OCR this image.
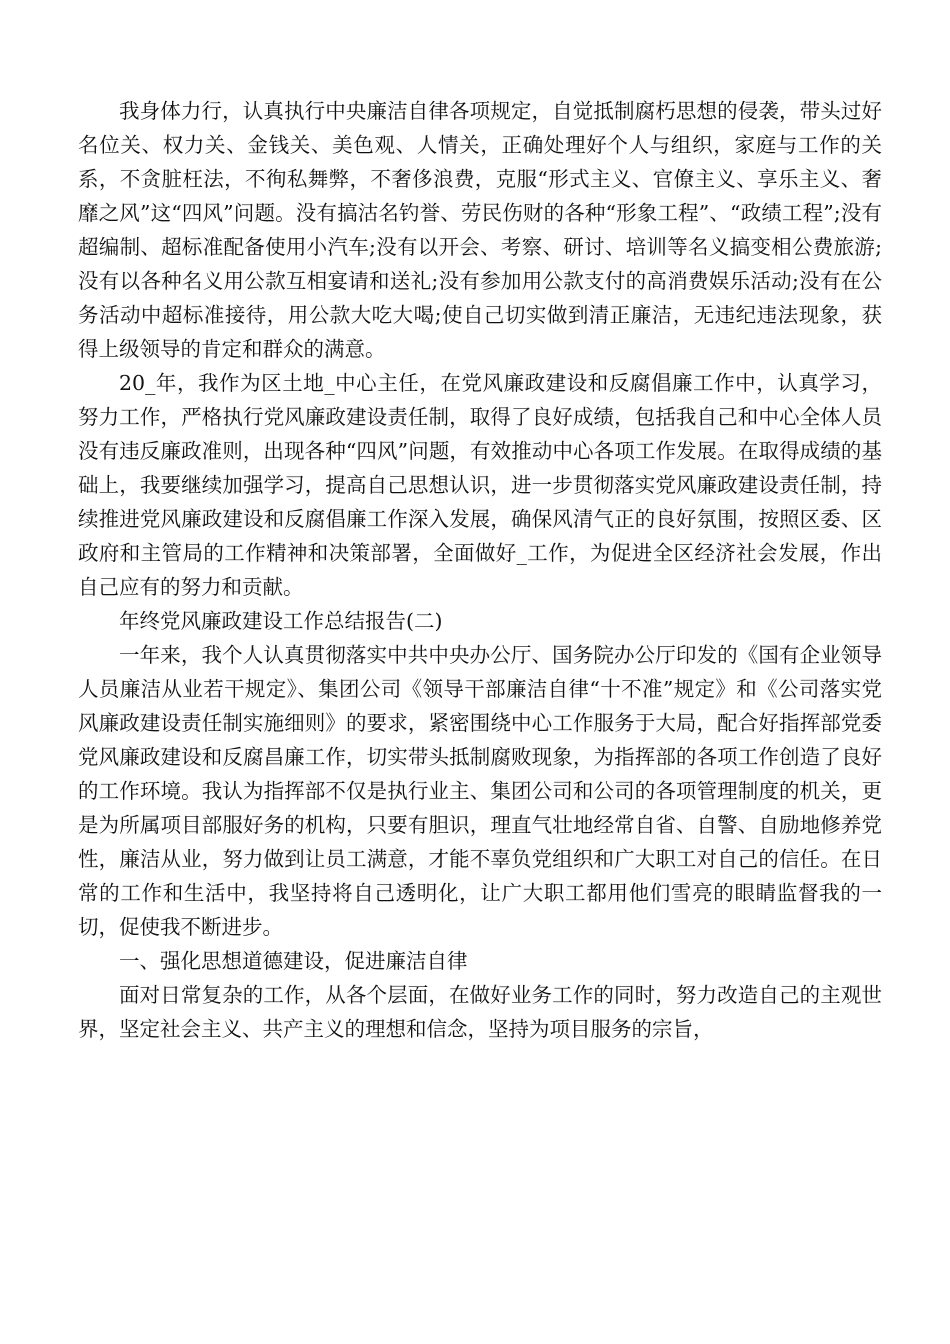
我身体力行，认真执行中央廉洁自律各项规定，自觉抵制腐朽思想的侵袭，带头过好名位关、权力关、金钱关、美色观、人情关，正确处理好个人与组织，家庭与工作的关系，不贪脏枉法，不徇私舞弊，不奢侈浪费，克服“形式主义、官僚主义、享乐主义、奢靡之风”这“四风”问题。没有搞沽名钓誉、劳民伤财的各种“形象工程”、“政绩工程”;没有超编制、超标准配备使用小汽车;没有以开会、考察、研讨、培训等名义搞变相公费旅游;没有以各种名义用公款互相宴请和送礼;没有参加用公款支付的高消费娱乐活动;没有在公务活动中超标准接待，用公款大吃大喝;使自己切实做到清正廉洁，无违纪违法现象，获得上级领导的肯定和群众的满意。

20_年，我作为区土地_中心主任，在党风廉政建设和反腐倡廉工作中，认真学习，努力工作，严格执行党风廉政建设责任制，取得了良好成绩，包括我自己和中心全体人员没有违反廉政准则，出现各种“四风”问题，有效推动中心各项工作发展。在取得成绩的基础上，我要继续加强学习，提高自己思想认识，进一步贯彻落实党风廉政建设责任制，持续推进党风廉政建设和反腐倡廉工作深入发展，确保风清气正的良好氛围，按照区委、区政府和主管局的工作精神和决策部署，全面做好_工作，为促进全区经济社会发展，作出自己应有的努力和贡献。

年终党风廉政建设工作总结报告(二)

一年来，我个人认真贯彻落实中共中央办公厅、国务院办公厅印发的《国有企业领导人员廉洁从业若干规定》、集团公司《领导干部廉洁自律“十不准”规定》和《公司落实党风廉政建设责任制实施细则》的要求，紧密围绕中心工作服务于大局，配合好指挥部党委党风廉政建设和反腐昌廉工作，切实带头抵制腐败现象，为指挥部的各项工作创造了良好的工作环境。我认为指挥部不仅是执行业主、集团公司和公司的各项管理制度的机关，更是为所属项目部服好务的机构，只要有胆识，理直气壮地经常自省、自警、自励地修养党性，廉洁从业，努力做到让员工满意，才能不辜负党组织和广大职工对自己的信任。在日常的工作和生活中，我坚持将自己透明化，让广大职工都用他们雪亮的眼睛监督我的一切，促使我不断进步。

一、强化思想道德建设，促进廉洁自律

面对日常复杂的工作，从各个层面，在做好业务工作的同时，努力改造自己的主观世界，坚定社会主义、共产主义的理想和信念，坚持为项目服务的宗旨，
